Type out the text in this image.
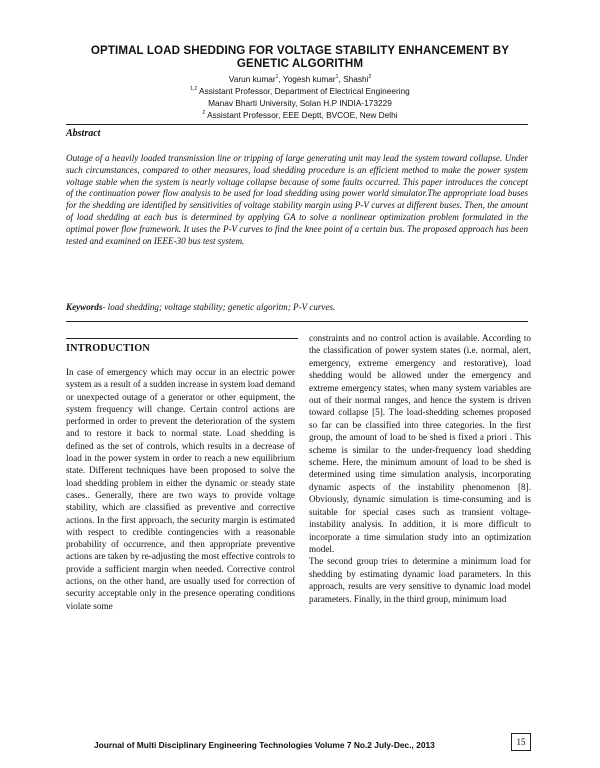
OPTIMAL LOAD SHEDDING FOR VOLTAGE STABILITY ENHANCEMENT BY
GENETIC ALGORITHM
Varun kumar$^1$, Yogesh kumar$^1$, Shashi$^2$
$^{1,2}$ Assistant Professor, Department of Electrical Engineering
Manav Bharti University, Solan H.P INDIA-173229
$^2$ Assistant Professor, EEE Deptt, BVCOE, New Delhi
Abstract

Outage of a heavily loaded transmission line or tripping of large generating unit may lead the system toward collapse. Under such circumstances, compared to other measures, load shedding procedure is an efficient method to make the power system voltage stable when the system is nearly voltage collapse because of some faults occurred. This paper introduces the concept of the continuation power flow analysis to be used for load shedding using power world simulator.The appropriate load buses for the shedding are identified by sensitivities of voltage stability margin using P-V curves at different buses. Then, the amount of load shedding at each bus is determined by applying GA to solve a nonlinear optimization problem formulated in the optimal power flow framework. It uses the P-V curves to find the knee point of a certain bus. The proposed approach has been tested and examined on IEEE-30 bus test system.

Keywords- load shedding; voltage stability; genetic algoritm; P-V curves.
INTRODUCTION

In case of emergency which may occur in an electric power system as a result of a sudden increase in system load demand or unexpected outage of a generator or other equipment, the system frequency will change. Certain control actions are performed in order to prevent the deterioration of the system and to restore it back to normal state. Load shedding is defined as the set of controls, which results in a decrease of load in the power system in order to reach a new equilibrium state. Different techniques have been proposed to solve the load shedding problem in either the dynamic or steady state cases.. Generally, there are two ways to provide voltage stability, which are classified as preventive and corrective actions. In the first approach, the security margin is estimated with respect to credible contingencies with a reasonable probability of occurrence, and then appropriate preventive actions are taken by re-adjusting the most effective controls to provide a sufficient margin when needed. Corrective control actions, on the other hand, are usually used for correction of security acceptable only in the presence operating conditions violate some

constraints and no control action is available. According to the classification of power system states (i.e. normal, alert, emergency, extreme emergency and restorative), load shedding would be allowed under the emergency and extreme emergency states, when many system variables are out of their normal ranges, and hence the system is driven toward collapse [5]. The load-shedding schemes proposed so far can be classified into three categories. In the first group, the amount of load to be shed is fixed a priori . This scheme is similar to the under-frequency load shedding scheme. Here, the minimum amount of load to be shed is determined using time simulation analysis, incorporating dynamic aspects of the instability phenomenon [8]. Obviously, dynamic simulation is time-consuming and is suitable for special cases such as transient voltage-instability analysis. In addition, it is more difficult to incorporate a time simulation study into an optimization model.
The second group tries to determine a minimum load for shedding by estimating dynamic load parameters. In this approach, results are very sensitive to dynamic load model parameters. Finally, in the third group, minimum load
Journal of Multi Disciplinary Engineering Technologies Volume 7 No.2 July-Dec., 2013	15
